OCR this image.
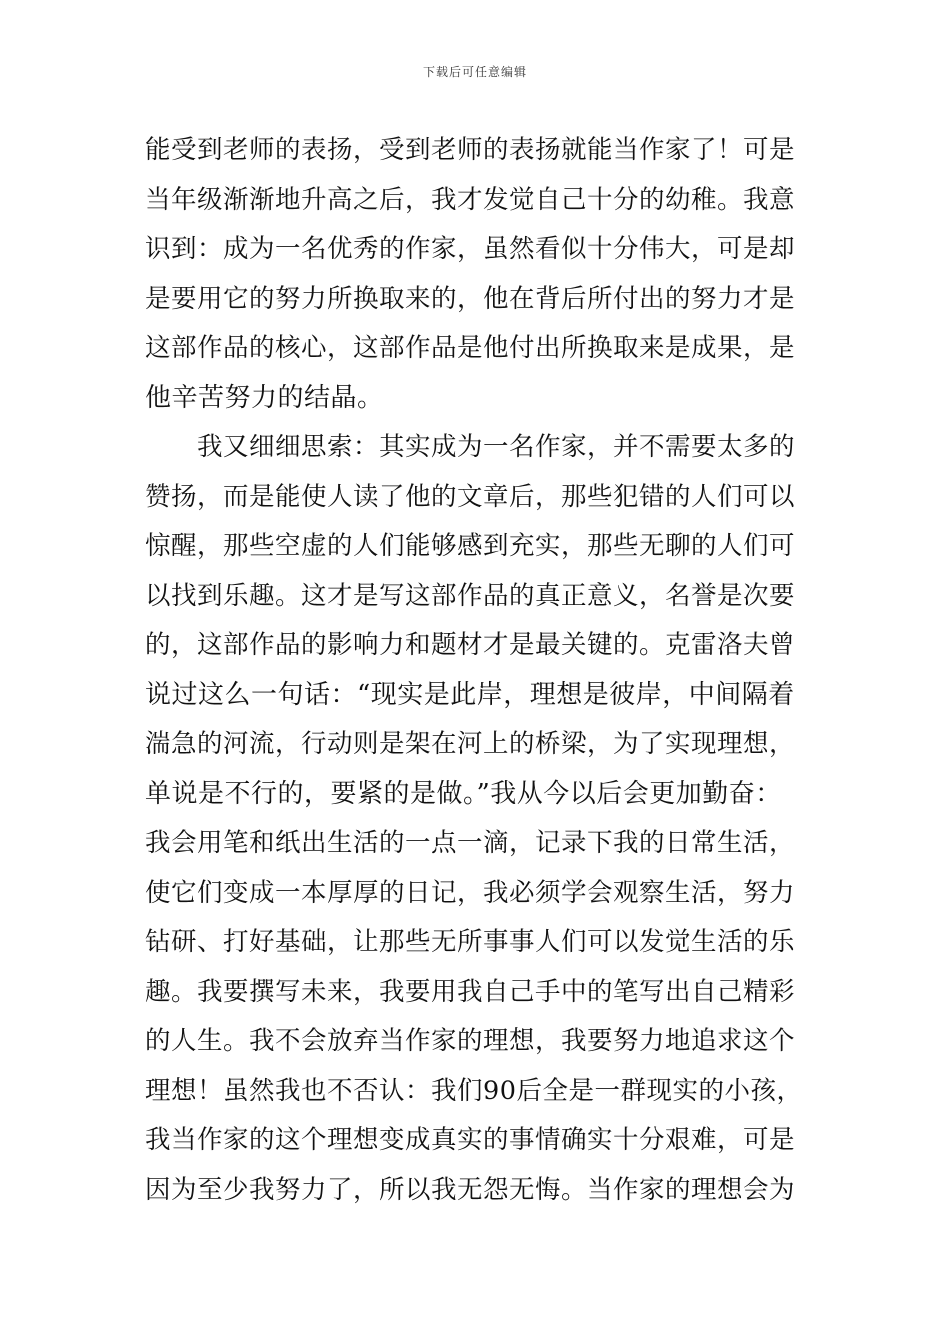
下载后可任意编辑
能受到老师的表扬，受到老师的表扬就能当作家了！可是
当年级渐渐地升高之后，我才发觉自己十分的幼稚。我意
识到：成为一名优秀的作家，虽然看似十分伟大，可是却
是要用它的努力所换取来的，他在背后所付出的努力才是
这部作品的核心，这部作品是他付出所换取来是成果，是
他辛苦努力的结晶。
我又细细思索：其实成为一名作家，并不需要太多的
赞扬，而是能使人读了他的文章后，那些犯错的人们可以
惊醒，那些空虚的人们能够感到充实，那些无聊的人们可
以找到乐趣。这才是写这部作品的真正意义，名誉是次要
的，这部作品的影响力和题材才是最关键的。克雷洛夫曾
说过这么一句话：“现实是此岸，理想是彼岸，中间隔着
湍急的河流，行动则是架在河上的桥梁，为了实现理想，
单说是不行的，要紧的是做。”我从今以后会更加勤奋：
我会用笔和纸出生活的一点一滴，记录下我的日常生活，
使它们变成一本厚厚的日记，我必须学会观察生活，努力
钻研、打好基础，让那些无所事事人们可以发觉生活的乐
趣。我要撰写未来，我要用我自己手中的笔写出自己精彩
的人生。我不会放弃当作家的理想，我要努力地追求这个
理想！虽然我也不否认：我们90后全是一群现实的小孩，
我当作家的这个理想变成真实的事情确实十分艰难，可是
因为至少我努力了，所以我无怨无悔。当作家的理想会为
